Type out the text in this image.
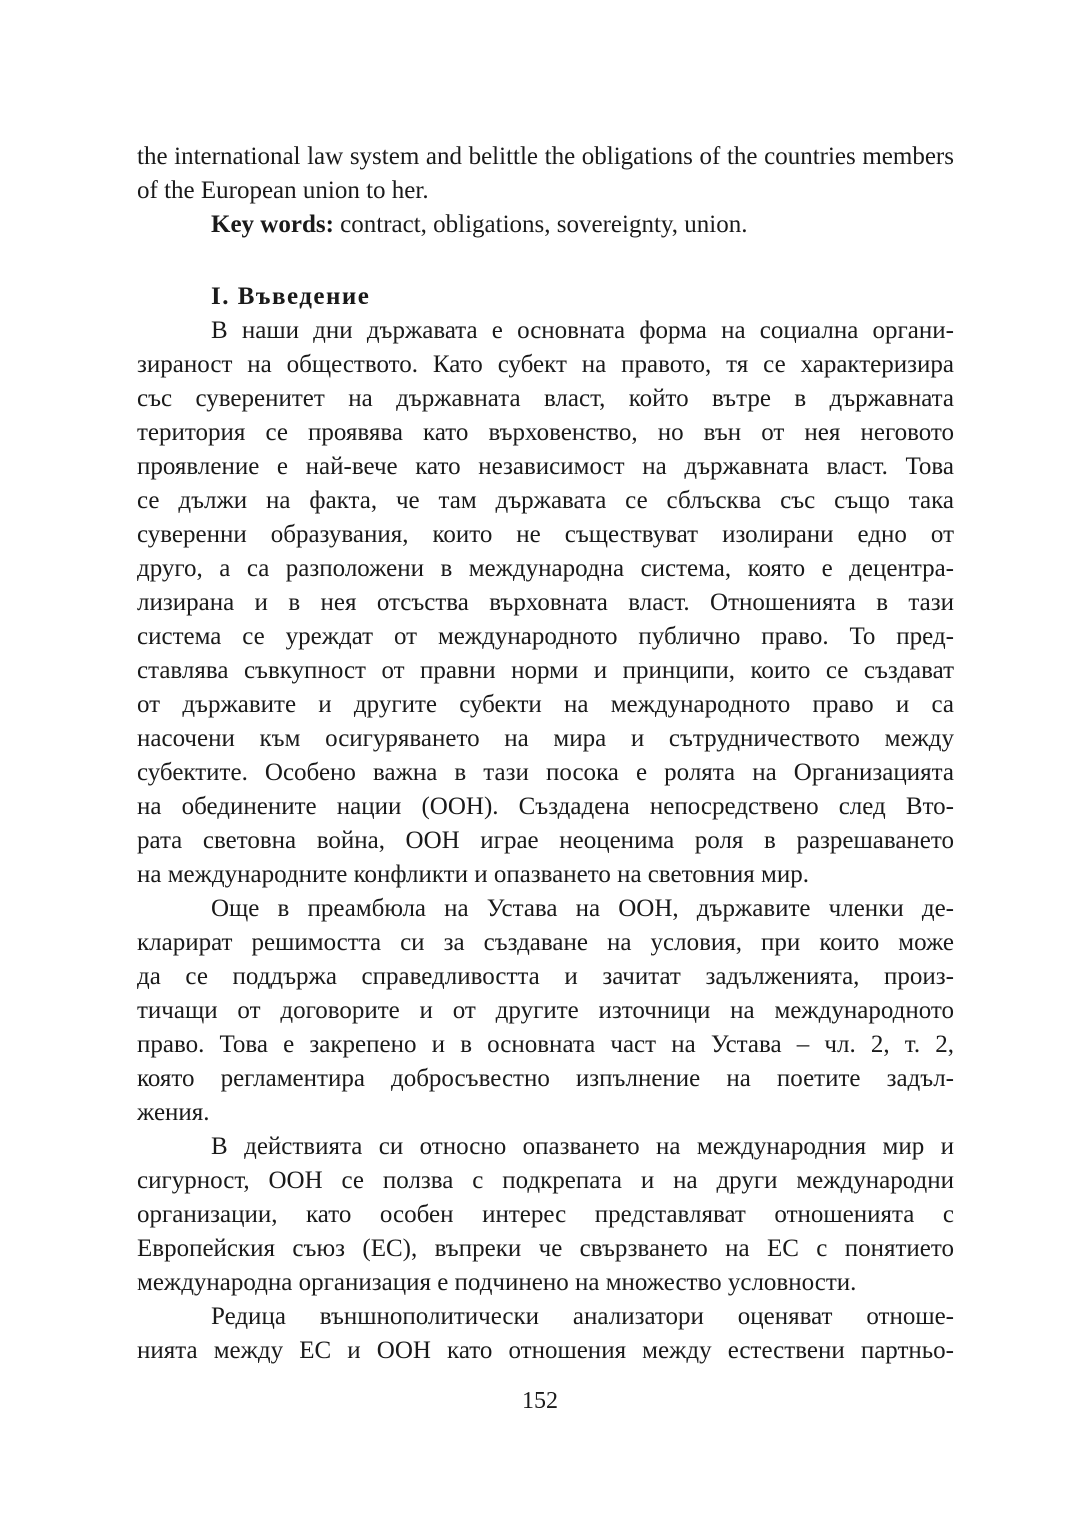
the international law system and belittle the obligations of the countries members
of the European union to her.
Key words: contract, obligations, sovereignty, union.
I. Въведение
В наши дни държавата е основната форма на социална органи-
зираност на обществото. Като субект на правото, тя се характеризира
със суверенитет на държавната власт, който вътре в държавната
територия се проявява като върховенство, но вън от нея неговото
проявление е най-вече като независимост на държавната власт. Това
се дължи на факта, че там държавата се сблъсква със също така
суверенни образувания, които не съществуват изолирани едно от
друго, а са разположени в международна система, която е децентра-
лизирана и в нея отсъства върховната власт. Отношенията в тази
система се уреждат от международното публично право. То пред-
ставлява съвкупност от правни норми и принципи, които се създават
от държавите и другите субекти на международното право и са
насочени към осигуряването на мира и сътрудничеството между
субектите. Особено важна в тази посока е ролята на Организацията
на обединените нации (ООН). Създадена непосредствено след Вто-
рата световна война, ООН играе неоценима роля в разрешаването
на международните конфликти и опазването на световния мир.
Още в преамбюла на Устава на ООН, държавите членки де-
кларират решимостта си за създаване на условия, при които може
да се поддържа справедливостта и зачитат задълженията, произ-
тичащи от договорите и от другите източници на международното
право. Това е закрепено и в основната част на Устава – чл. 2, т. 2,
която регламентира добросъвестно изпълнение на поетите задъл-
жения.
В действията си относно опазването на международния мир и
сигурност, ООН се ползва с подкрепата и на други международни
организации, като особен интерес представляват отношенията с
Европейския съюз (ЕС), въпреки че свързването на ЕС с понятието
международна организация е подчинено на множество условности.
Редица външнополитически анализатори оценяват отноше-
нията между ЕС и ООН като отношения между естествени партньо-
152
